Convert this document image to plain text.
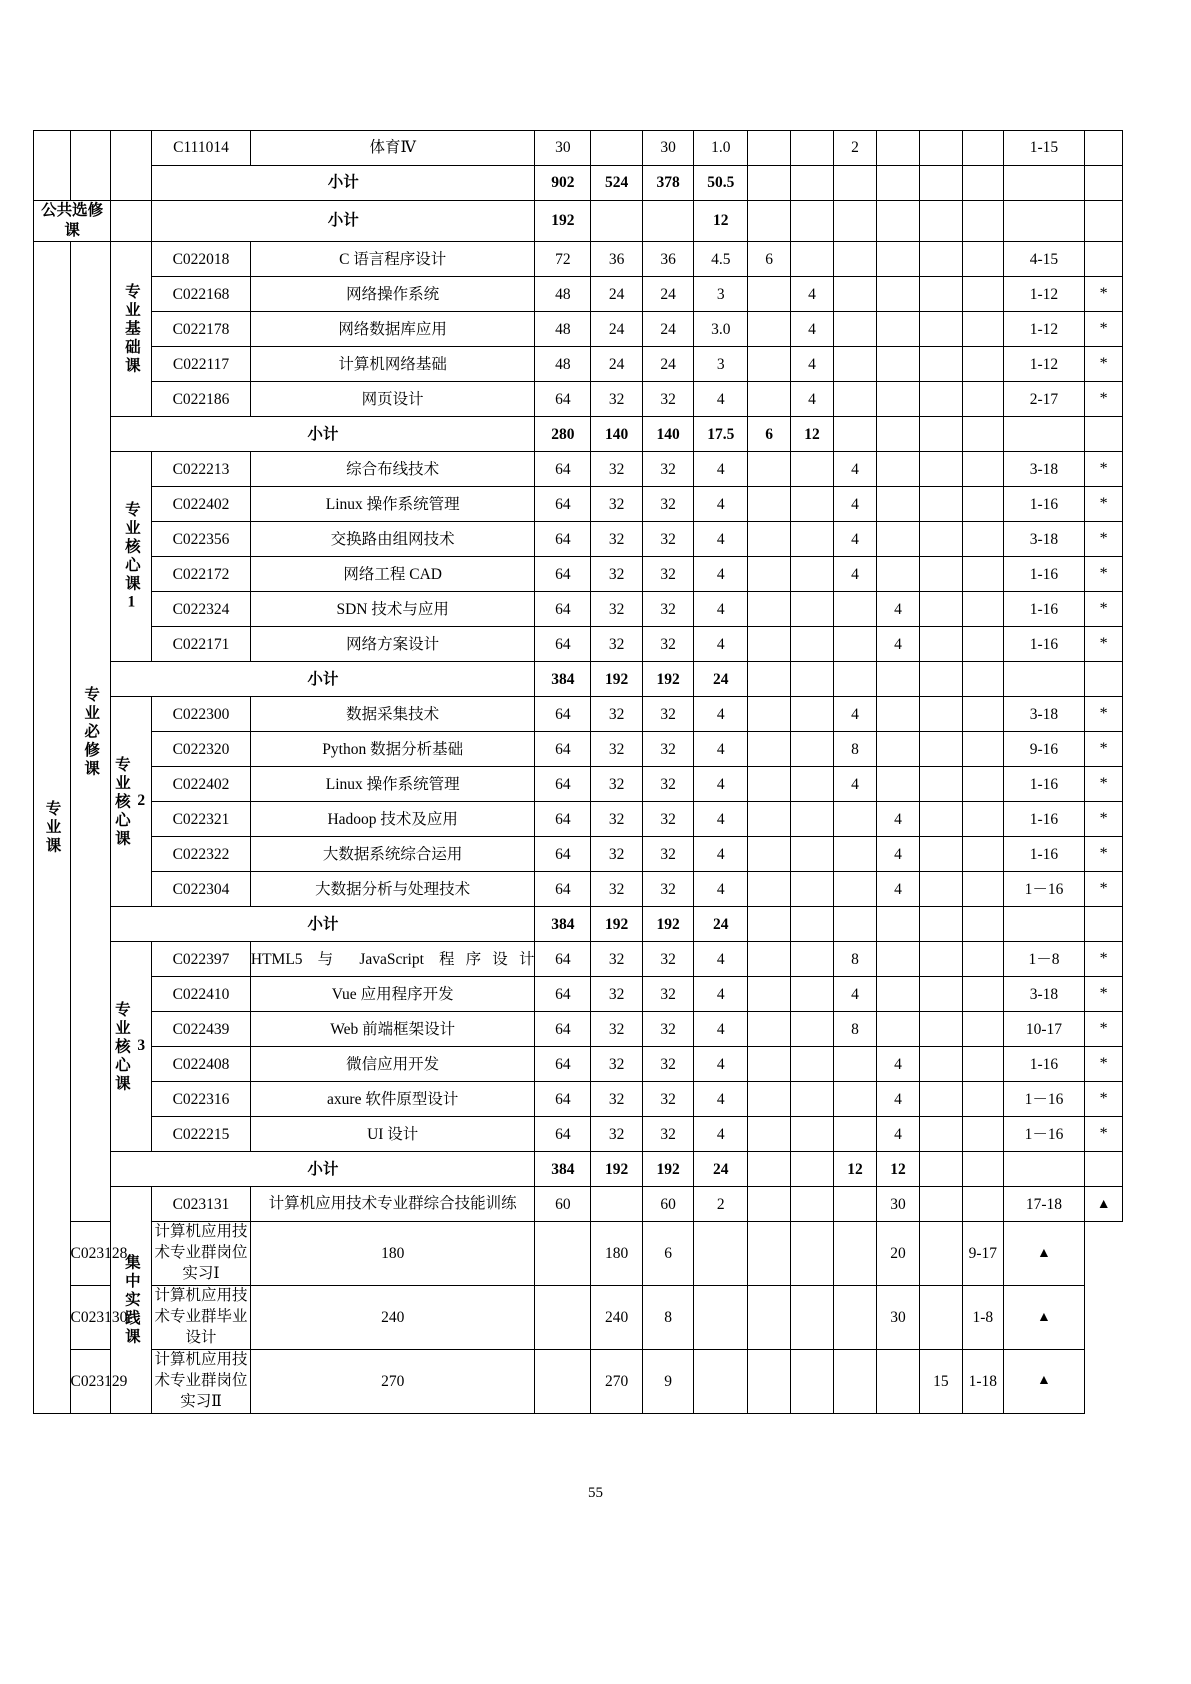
			C111014	体育Ⅳ	30		30	1.0			2				1-15	
			小计		902	524	378	50.5								
公共选修课			小计		192			12								

专业课	专业必修课	专业基础课	C022018	C 语言程序设计	72	36	36	4.5	6						4-15	
			C022168	网络操作系统	48	24	24	3		4					1-12	*
			C022178	网络数据库应用	48	24	24	3.0		4					1-12	*
			C022117	计算机网络基础	48	24	24	3		4					1-12	*
			C022186	网页设计	64	32	32	4		4					2-17	*
		小计			280	140	140	17.5	6	12						

		专业核心课1	C022213	综合布线技术	64	32	32	4			4				3-18	*
			C022402	Linux 操作系统管理	64	32	32	4			4				1-16	*
			C022356	交换路由组网技术	64	32	32	4			4				3-18	*
			C022172	网络工程 CAD	64	32	32	4			4				1-16	*
			C022324	SDN 技术与应用	64	32	32	4				4			1-16	*
			C022171	网络方案设计	64	32	32	4				4			1-16	*
		小计			384	192	192	24								

		专业核心课 2	C022300	数据采集技术	64	32	32	4			4				3-18	*
			C022320	Python 数据分析基础	64	32	32	4			8				9-16	*
			C022402	Linux 操作系统管理	64	32	32	4			4				1-16	*
			C022321	Hadoop 技术及应用	64	32	32	4				4			1-16	*
			C022322	大数据系统综合运用	64	32	32	4				4			1-16	*
			C022304	大数据分析与处理技术	64	32	32	4				4			1－16	*
		小计			384	192	192	24								

		专业核心课 3	C022397	HTML5 与 JavaScript 程序设计	64	32	32	4			8				1－8	*
			C022410	Vue 应用程序开发	64	32	32	4			4				3-18	*
			C022439	Web 前端框架设计	64	32	32	4			8				10-17	*
			C022408	微信应用开发	64	32	32	4				4			1-16	*
			C022316	axure 软件原型设计	64	32	32	4				4			1－16	*
			C022215	UI 设计	64	32	32	4				4			1－16	*
		小计			384	192	192	24			12	12				

		集中实践课	C023131	计算机应用技术专业群综合技能训练	60		60	2				30			17-18	▲
	C023128		计算机应用技术专业群岗位实习Ⅰ	180		180	6					20		9-17	▲	
	C023130		计算机应用技术专业群毕业设计	240		240	8					30		1-8	▲	
	C023129		计算机应用技术专业群岗位实习Ⅱ	270		270	9						15	1-18	▲	
55
